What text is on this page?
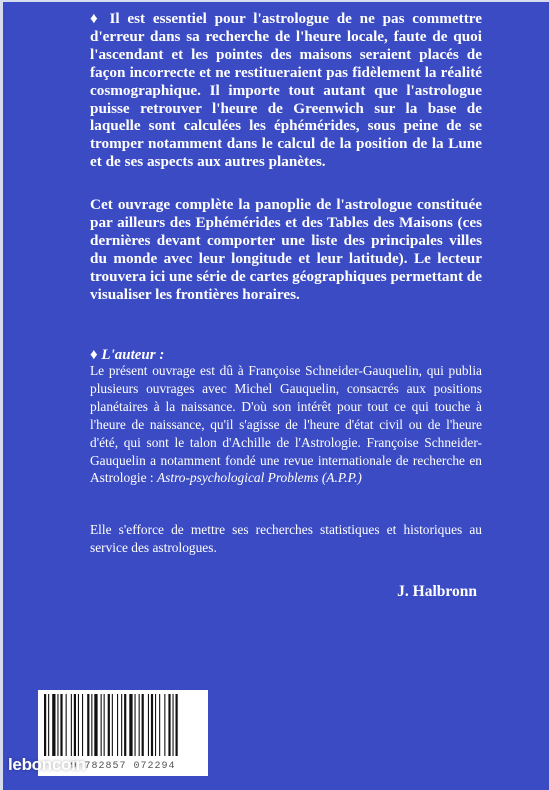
♦ Il est essentiel pour l'astrologue de ne pas commettre d'erreur dans sa recherche de l'heure locale, faute de quoi l'ascendant et les pointes des maisons seraient placés de façon incorrecte et ne restitueraient pas fidèlement la réalité cosmographique. Il importe tout autant que l'astrologue puisse retrouver l'heure de Greenwich sur la base de laquelle sont calculées les éphémérides, sous peine de se tromper notamment dans le calcul de la position de la Lune et de ses aspects aux autres planètes.

Cet ouvrage complète la panoplie de l'astrologue constituée par ailleurs des Ephémérides et des Tables des Maisons (ces dernières devant comporter une liste des principales villes du monde avec leur longitude et leur latitude). Le lecteur trouvera ici une série de cartes géographiques permettant de visualiser les frontières horaires.

♦ L'auteur :

Le présent ouvrage est dû à Françoise Schneider-Gauquelin, qui publia plusieurs ouvrages avec Michel Gauquelin, consacrés aux positions planétaires à la naissance. D'où son intérêt pour tout ce qui touche à l'heure de naissance, qu'il s'agisse de l'heure d'état civil ou de l'heure d'été, qui sont le talon d'Achille de l'Astrologie. Françoise Schneider-Gauquelin a notamment fondé une revue internationale de recherche en Astrologie : Astro-psychological Problems (A.P.P.)

Elle s'efforce de mettre ses recherches statistiques et historiques au service des astrologues.

J. Halbronn

9 782857 072294
leboncoin
